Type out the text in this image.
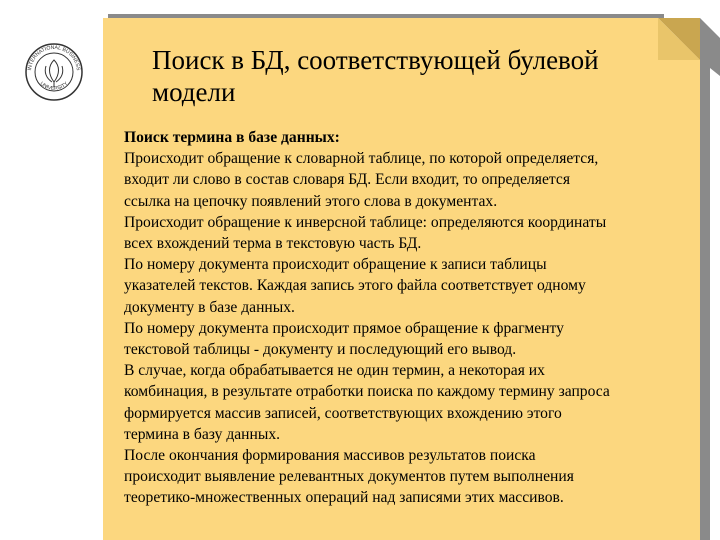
INTERNATIONAL BUSINESS
UNIVERSITY
Поиск в БД, соответствующей булевой
модели
Поиск термина в базе данных:
Происходит обращение к словарной таблице, по которой определяется,
входит ли слово в состав словаря БД. Если входит, то определяется
ссылка на цепочку появлений этого слова в документах.
Происходит обращение к инверсной таблице: определяются координаты
всех вхождений терма в текстовую часть БД.
По номеру документа происходит обращение к записи таблицы
указателей текстов. Каждая запись этого файла соответствует одному
документу в базе данных.
По номеру документа происходит прямое обращение к фрагменту
текстовой таблицы - документу и последующий его вывод.
В случае, когда обрабатывается не один термин, а некоторая их
комбинация, в результате отработки поиска по каждому термину запроса
формируется массив записей, соответствующих вхождению этого
термина в базу данных.
После окончания формирования массивов результатов поиска
происходит выявление релевантных документов путем выполнения
теоретико-множественных операций над записями этих массивов.
